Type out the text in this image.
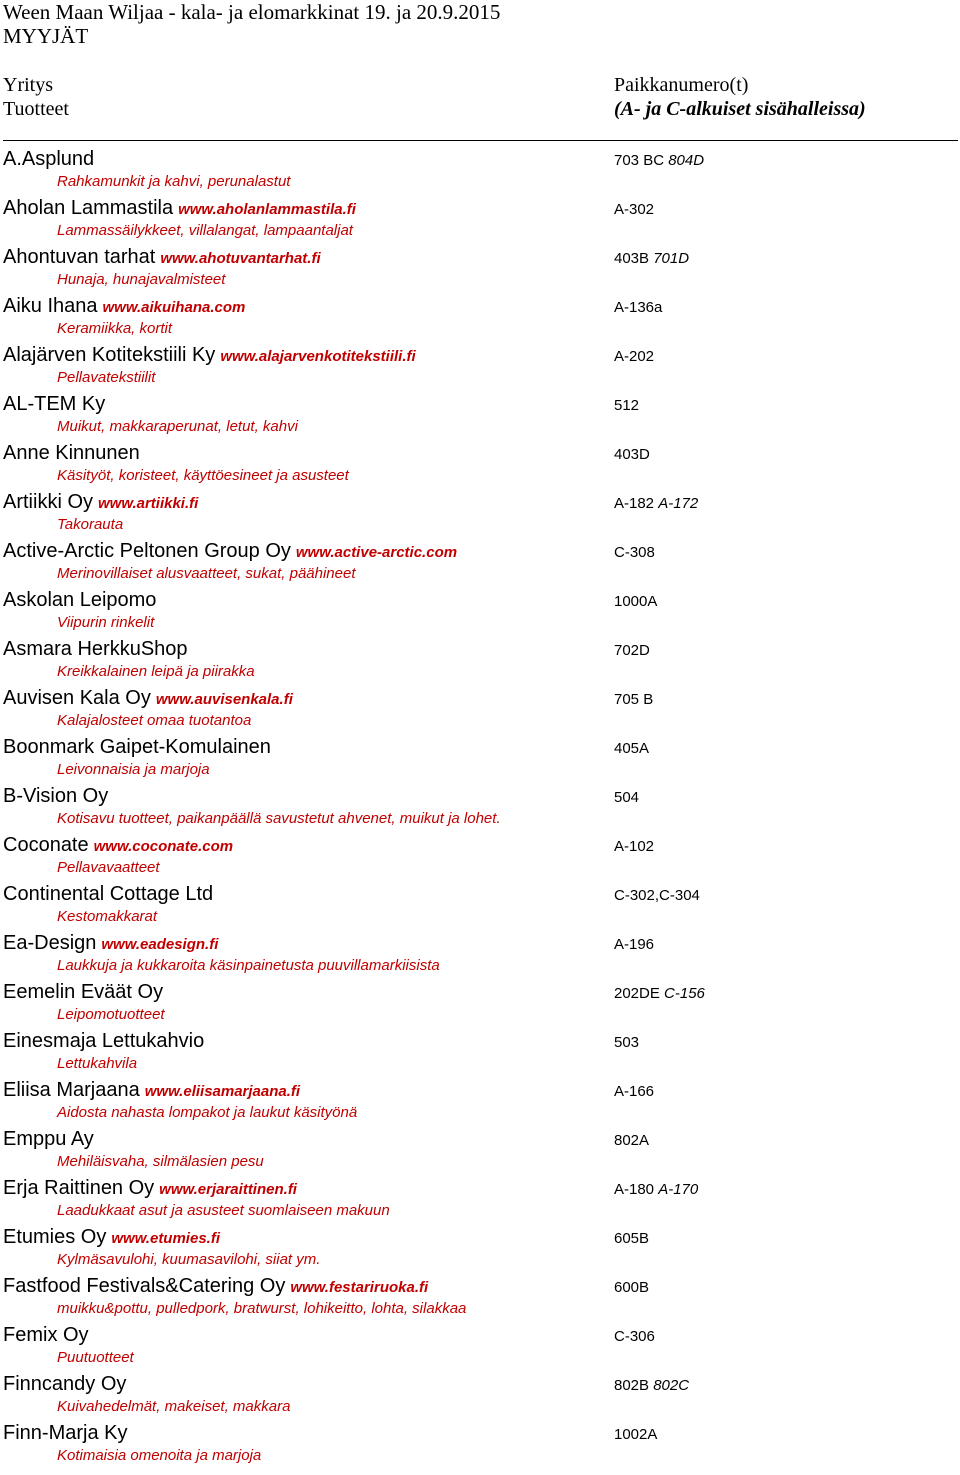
Ween Maan Wiljaa - kala- ja elomarkkinat 19. ja 20.9.2015
MYYJÄT
Yritys
Tuotteet
Paikkanumero(t)
(A- ja C-alkuiset sisähalleissa)
A.Asplund	703 BC 804D
Rahkamunkit ja kahvi, perunalastut
Aholan Lammastila www.aholanlammastila.fi	A-302
Lammassäilykkeet, villalangat, lampaantaljat
Ahontuvan tarhat www.ahotuvantarhat.fi	403B 701D
Hunaja, hunajavalmisteet
Aiku Ihana www.aikuihana.com	A-136a
Keramiikka, kortit
Alajärven Kotitekstiili Ky www.alajarvenkotitekstiili.fi	A-202
Pellavatekstiilit
AL-TEM Ky	512
Muikut, makkaraperunat, letut, kahvi
Anne Kinnunen	403D
Käsityöt, koristeet, käyttöesineet ja asusteet
Artiikki Oy www.artiikki.fi	A-182 A-172
Takorauta
Active-Arctic Peltonen Group Oy www.active-arctic.com	C-308
Merinovillaiset alusvaatteet, sukat, päähineet
Askolan Leipomo	1000A
Viipurin rinkelit
Asmara HerkkuShop	702D
Kreikkalainen leipä ja piirakka
Auvisen Kala Oy www.auvisenkala.fi	705 B
Kalajalosteet omaa tuotantoa
Boonmark Gaipet-Komulainen	405A
Leivonnaisia ja marjoja
B-Vision Oy	504
Kotisavu tuotteet, paikanpäällä savustetut ahvenet, muikut ja lohet.
Coconate www.coconate.com	A-102
Pellavavaatteet
Continental Cottage Ltd	C-302,C-304
Kestomakkarat
Ea-Design www.eadesign.fi	A-196
Laukkuja ja kukkaroita käsinpainetusta puuvillamarkiisista
Eemelin Eväät Oy	202DE C-156
Leipomotuotteet
Einesmaja Lettukahvio	503
Lettukahvila
Eliisa Marjaana www.eliisamarjaana.fi	A-166
Aidosta nahasta lompakot ja laukut käsityönä
Emppu Ay	802A
Mehiläisvaha, silmälasien pesu
Erja Raittinen Oy www.erjaraittinen.fi	A-180 A-170
Laadukkaat asut ja asusteet suomlaiseen makuun
Etumies Oy www.etumies.fi	605B
Kylmäsavulohi, kuumasavilohi, siiat ym.
Fastfood Festivals&Catering Oy www.festariruoka.fi	600B
muikku&pottu, pulledpork, bratwurst, lohikeitto, lohta, silakkaa
Femix Oy	C-306
Puutuotteet
Finncandy Oy	802B 802C
Kuivahedelmät, makeiset, makkara
Finn-Marja Ky	1002A
Kotimaisia omenoita ja marjoja
